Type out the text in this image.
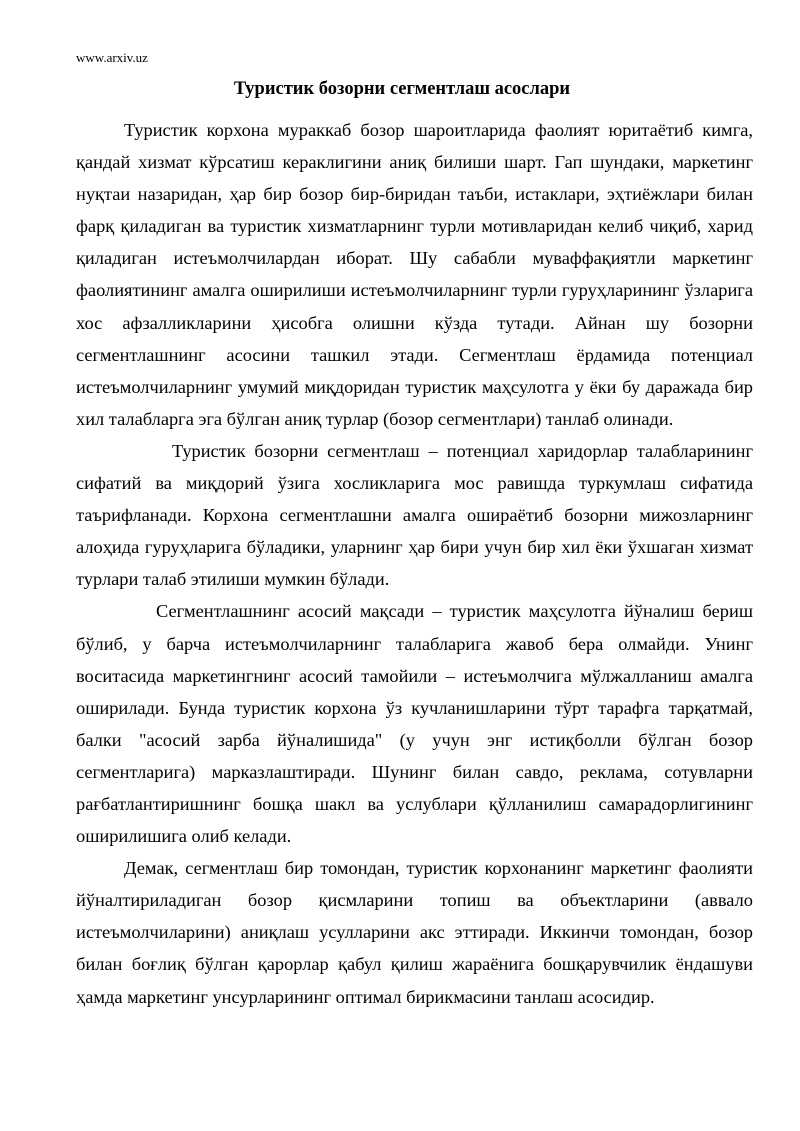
www.arxiv.uz
Туристик бозорни сегментлаш асослари

Туристик корхона мураккаб бозор шароитларида фаолият юритаётиб кимга, қандай хизмат кўрсатиш кераклигини аниқ билиши шарт. Гап шундаки, маркетинг нуқтаи назаридан, ҳар бир бозор бир-биридан таъби, истаклари, эҳтиёжлари билан фарқ қиладиган ва туристик хизматларнинг турли мотивларидан келиб чиқиб, харид қиладиган истеъмолчилардан иборат. Шу сабабли муваффақиятли маркетинг фаолиятининг амалга оширилиши истеъмолчиларнинг турли гуруҳларининг ўзларига хос афзалликларини ҳисобга олишни кўзда тутади. Айнан шу бозорни сегментлашнинг асосини ташкил этади. Сегментлаш ёрдамида потенциал истеъмолчиларнинг умумий миқдоридан туристик маҳсулотга у ёки бу даражада бир хил талабларга эга бўлган аниқ турлар (бозор сегментлари) танлаб олинади.

Туристик бозорни сегментлаш – потенциал харидорлар талабларининг сифатий ва миқдорий ўзига хосликларига мос равишда туркумлаш сифатида таърифланади. Корхона сегментлашни амалга ошираётиб бозорни мижозларнинг алоҳида гуруҳларига бўладики, уларнинг ҳар бири учун бир хил ёки ўхшаган хизмат турлари талаб этилиши мумкин бўлади.

Сегментлашнинг асосий мақсади – туристик маҳсулотга йўналиш бериш бўлиб, у барча истеъмолчиларнинг талабларига жавоб бера олмайди. Унинг воситасида маркетингнинг асосий тамойили – истеъмолчига мўлжалланиш амалга оширилади. Бунда туристик корхона ўз кучланишларини тўрт тарафга тарқатмай, балки "асосий зарба йўналишида" (у учун энг истиқболли бўлган бозор сегментларига) марказлаштиради. Шунинг билан савдо, реклама, сотувларни рағбатлантиришнинг бошқа шакл ва услублари қўлланилиш самарадорлигининг оширилишига олиб келади.

Демак, сегментлаш бир томондан, туристик корхонанинг маркетинг фаолияти йўналтириладиган бозор қисмларини топиш ва объектларини (аввало истеъмолчиларини) аниқлаш усулларини акс эттиради. Иккинчи томондан, бозор билан боғлиқ бўлган қарорлар қабул қилиш жараёнига бошқарувчилик ёндашуви ҳамда маркетинг унсурларининг оптимал бирикмасини танлаш асосидир.
